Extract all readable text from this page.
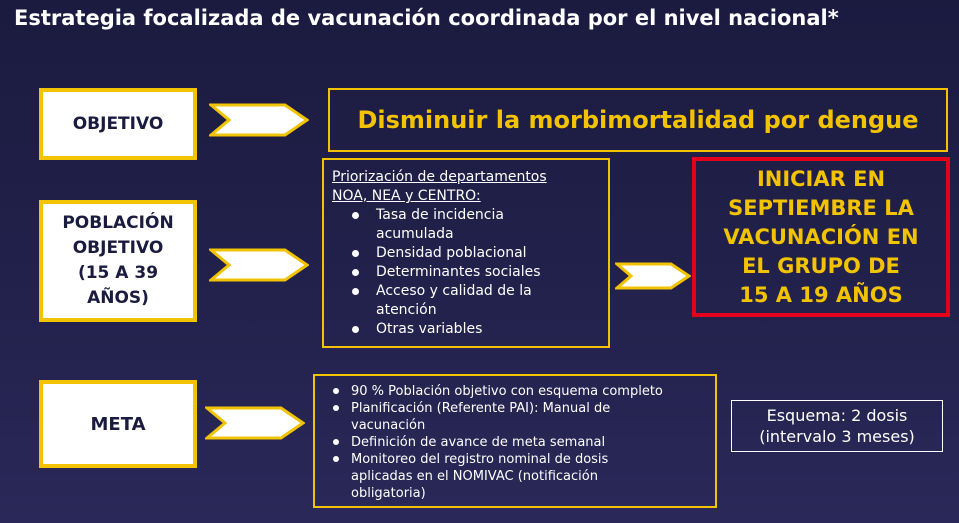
Estrategia focalizada de vacunación coordinada por el nivel nacional*
OBJETIVO	Disminuir la morbimortalidad por dengue
POBLACIÓN
OBJETIVO
(15 A 39
AÑOS)
Priorización de departamentos
NOA, NEA y CENTRO:
Tasa de incidencia acumulada
Densidad poblacional
Determinantes sociales
Acceso y calidad de la atención
Otras variables
INICIAR EN
SEPTIEMBRE LA
VACUNACIÓN EN
EL GRUPO DE
15 A 19 AÑOS
META
90 % Población objetivo con esquema completo
Planificación (Referente PAI): Manual de vacunación
Definición de avance de meta semanal
Monitoreo del registro nominal de dosis aplicadas en el NOMIVAC (notificación obligatoria)
Esquema: 2 dosis
(intervalo 3 meses)
